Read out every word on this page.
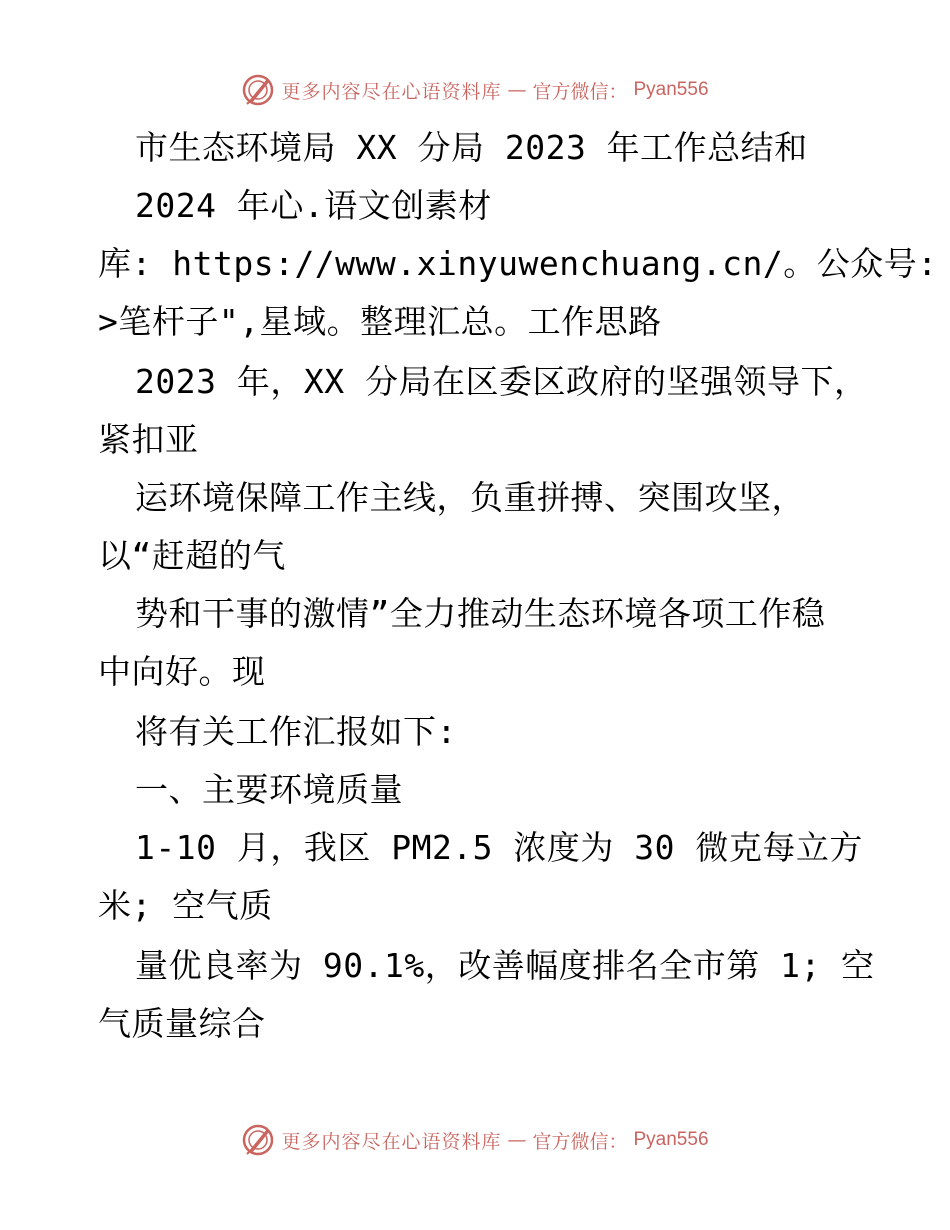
更多内容尽在心语资料库 — 官方微信： Pyan556
市生态环境局 XX 分局 2023 年工作总结和
2024 年心.语文创素材
库: https://www.xinyuwenchuang.cn/。公众号:
>笔杆子",星域。整理汇总。工作思路
2023 年，XX 分局在区委区政府的坚强领导下，
紧扣亚
运环境保障工作主线，负重拼搏、突围攻坚，
以“赶超的气
势和干事的激情”全力推动生态环境各项工作稳
中向好。现
将有关工作汇报如下:
一、主要环境质量
1-10 月，我区 PM2.5 浓度为 30 微克每立方
米; 空气质
量优良率为 90.1%，改善幅度排名全市第 1; 空
气质量综合
更多内容尽在心语资料库 — 官方微信： Pyan556
